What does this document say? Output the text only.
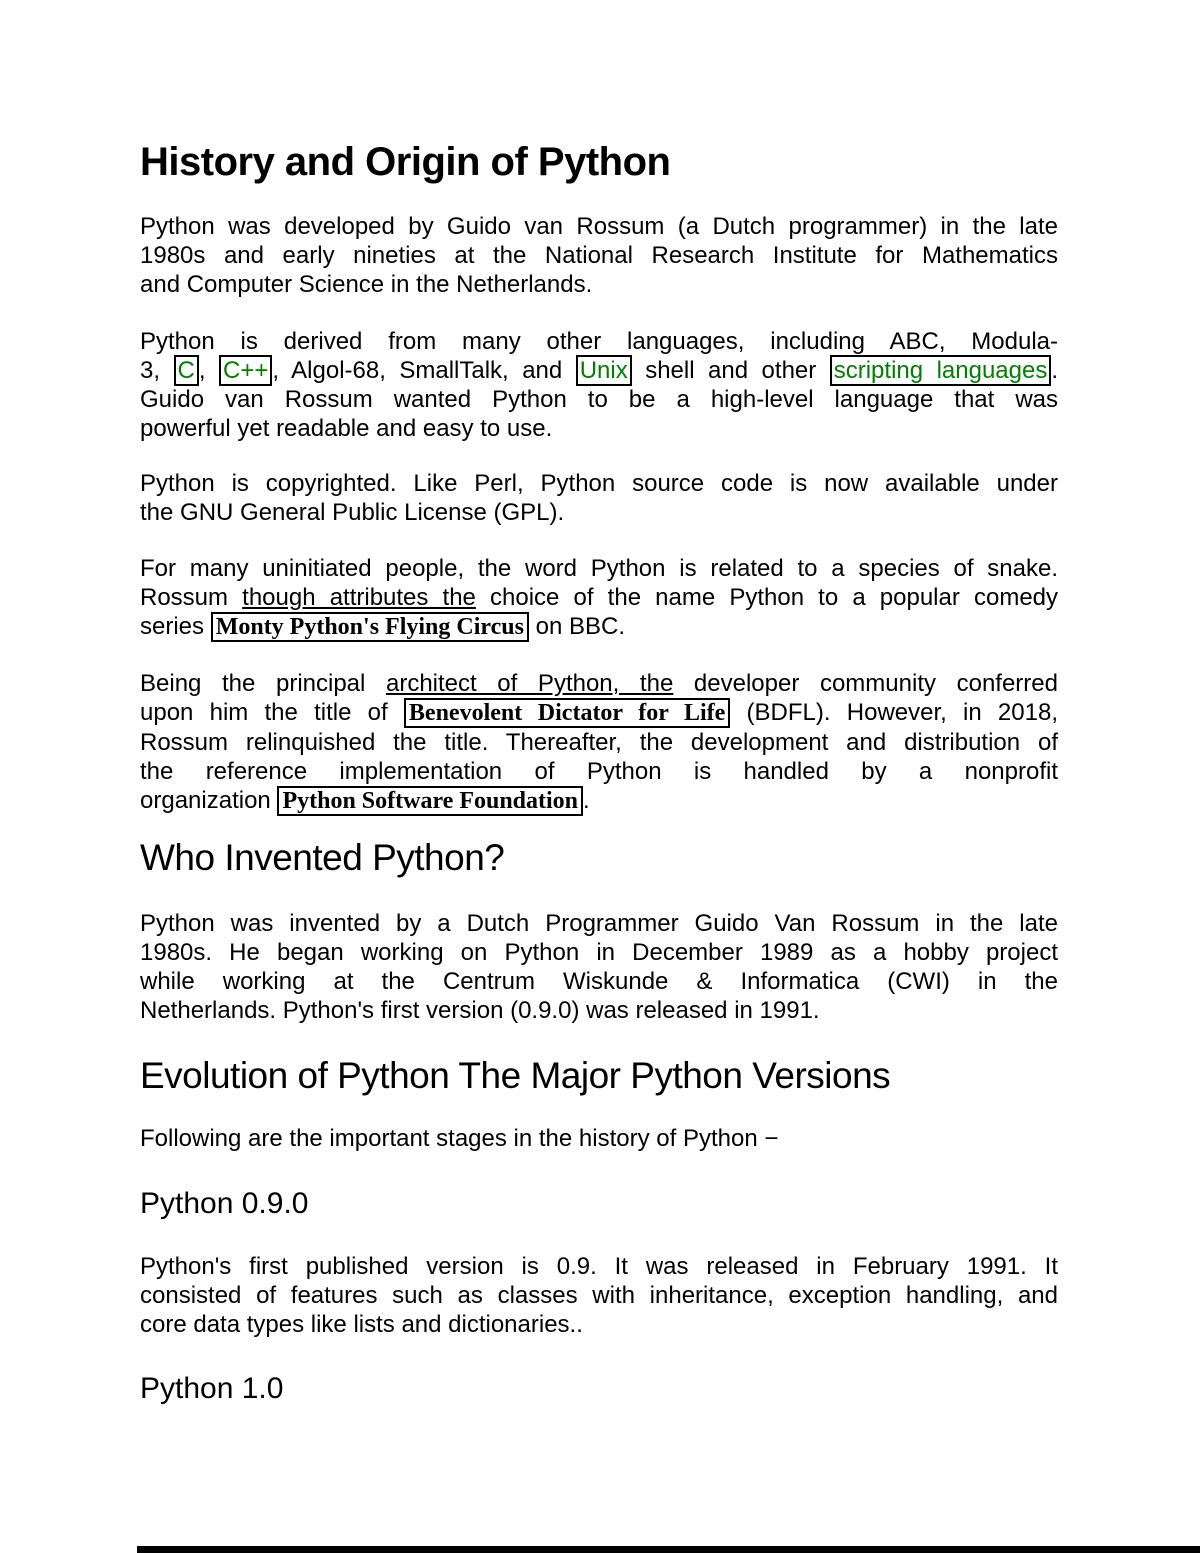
History and Origin of Python
Python was developed by Guido van Rossum (a Dutch programmer) in the late
1980s and early nineties at the National Research Institute for Mathematics
and Computer Science in the Netherlands.
Python is derived from many other languages, including ABC, Modula-
3, C , C++ , Algol-68, SmallTalk, and Unix shell and other scripting languages .
Guido van Rossum wanted Python to be a high-level language that was
powerful yet readable and easy to use.
Python is copyrighted. Like Perl, Python source code is now available under
the GNU General Public License (GPL).
For many uninitiated people, the word Python is related to a species of snake.
Rossum though attributes the choice of the name Python to a popular comedy
series Monty Python's Flying Circus on BBC.
Being the principal architect of Python, the developer community conferred
upon him the title of Benevolent Dictator for Life (BDFL). However, in 2018,
Rossum relinquished the title. Thereafter, the development and distribution of
the reference implementation of Python is handled by a nonprofit
organization Python Software Foundation .
Who Invented Python?
Python was invented by a Dutch Programmer Guido Van Rossum in the late
1980s. He began working on Python in December 1989 as a hobby project
while working at the Centrum Wiskunde & Informatica (CWI) in the
Netherlands. Python's first version (0.9.0) was released in 1991.
Evolution of Python The Major Python Versions
Following are the important stages in the history of Python −
Python 0.9.0
Python's first published version is 0.9. It was released in February 1991. It
consisted of features such as classes with inheritance, exception handling, and
core data types like lists and dictionaries..
Python 1.0
